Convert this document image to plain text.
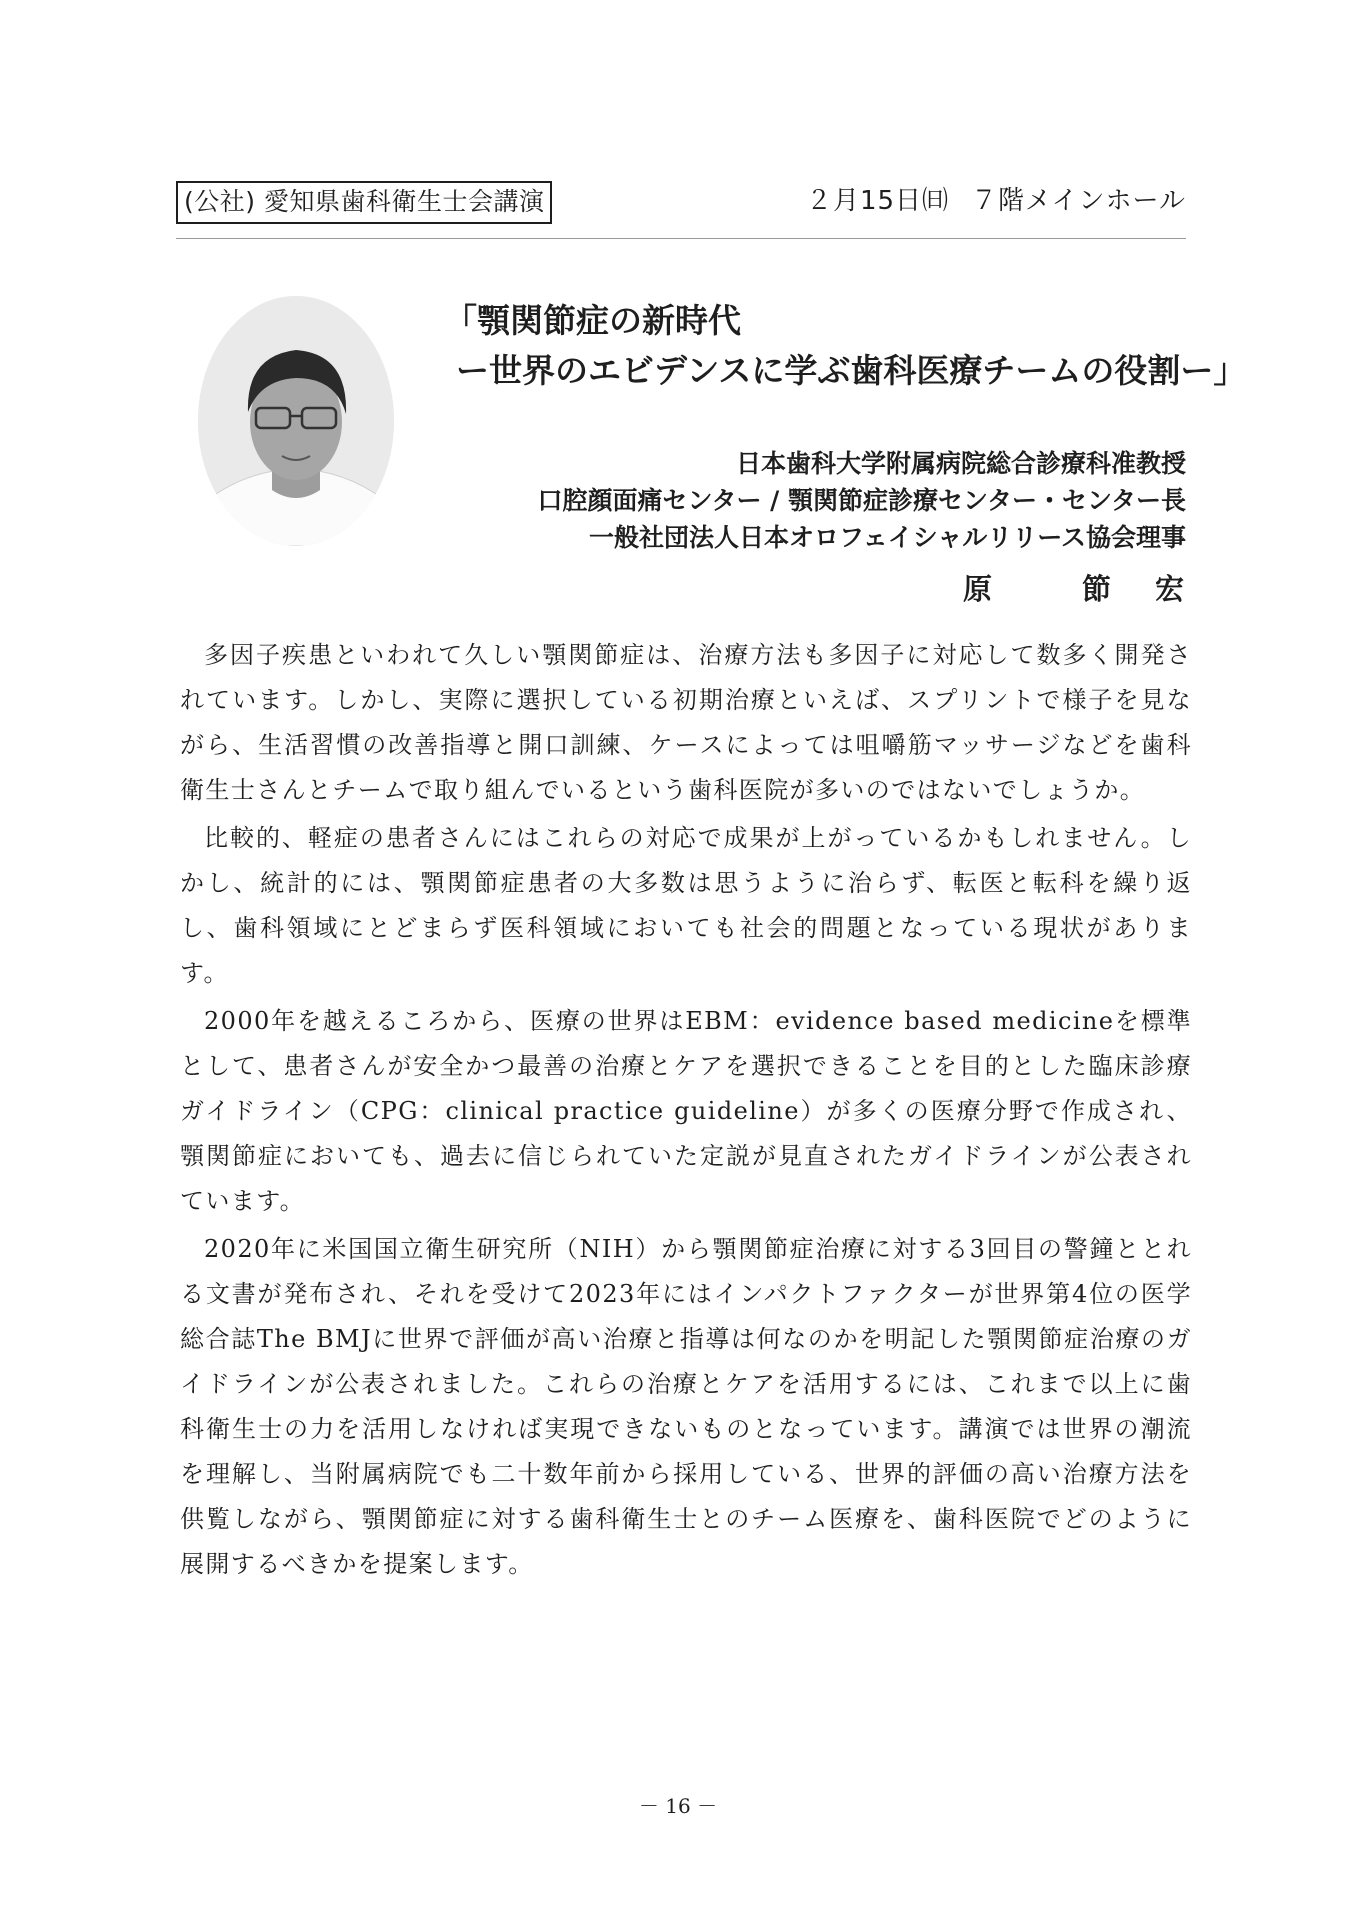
(公社) 愛知県歯科衛生士会講演	２月15日㈰ ７階メインホール
「顎関節症の新時代
ー世界のエビデンスに学ぶ歯科医療チームの役割ー」
日本歯科大学附属病院総合診療科准教授
口腔顔面痛センター / 顎関節症診療センター・センター長
一般社団法人日本オロフェイシャルリリース協会理事
原	節 宏

多因子疾患といわれて久しい顎関節症は、治療方法も多因子に対応して数多く開発されています。しかし、実際に選択している初期治療といえば、スプリントで様子を見ながら、生活習慣の改善指導と開口訓練、ケースによっては咀嚼筋マッサージなどを歯科衛生士さんとチームで取り組んでいるという歯科医院が多いのではないでしょうか。

比較的、軽症の患者さんにはこれらの対応で成果が上がっているかもしれません。しかし、統計的には、顎関節症患者の大多数は思うように治らず、転医と転科を繰り返し、歯科領域にとどまらず医科領域においても社会的問題となっている現状があります。

2000年を越えるころから、医療の世界はEBM：evidence based medicineを標準として、患者さんが安全かつ最善の治療とケアを選択できることを目的とした臨床診療ガイドライン（CPG：clinical practice guideline）が多くの医療分野で作成され、顎関節症においても、過去に信じられていた定説が見直されたガイドラインが公表されています。

2020年に米国国立衛生研究所（NIH）から顎関節症治療に対する3回目の警鐘ととれる文書が発布され、それを受けて2023年にはインパクトファクターが世界第4位の医学総合誌The BMJに世界で評価が高い治療と指導は何なのかを明記した顎関節症治療のガイドラインが公表されました。これらの治療とケアを活用するには、これまで以上に歯科衛生士の力を活用しなければ実現できないものとなっています。講演では世界の潮流を理解し、当附属病院でも二十数年前から採用している、世界的評価の高い治療方法を供覧しながら、顎関節症に対する歯科衛生士とのチーム医療を、歯科医院でどのように展開するべきかを提案します。

－ 16 －
